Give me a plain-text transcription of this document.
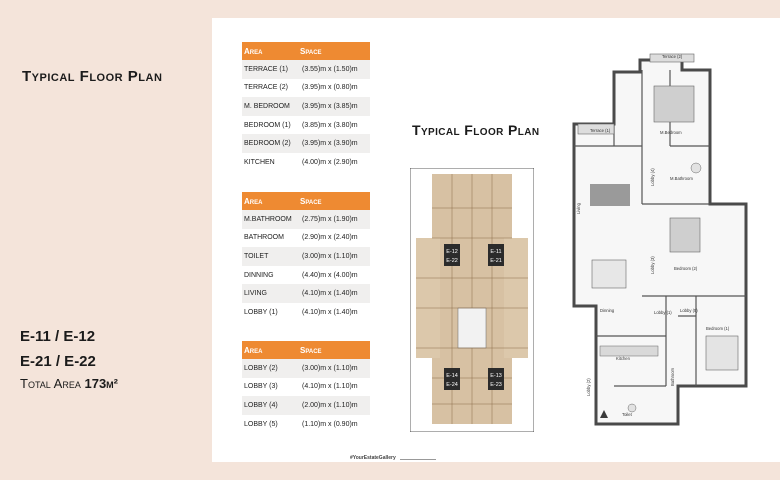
Typical Floor Plan
E-11 / E-12
E-21 / E-22
Total Area 173m²
Area	Space
TERRACE (1)	(3.55)m x (1.50)m
TERRACE (2)	(3.95)m x (0.80)m
M. BEDROOM	(3.95)m x (3.85)m
BEDROOM (1)	(3.85)m x (3.80)m
BEDROOM (2)	(3.95)m x (3.90)m
KITCHEN	(4.00)m x (2.90)m
Area	Space
M.BATHROOM	(2.75)m x (1.90)m
BATHROOM	(2.90)m x (2.40)m
TOILET	(3.00)m x (1.10)m
DINNING	(4.40)m x (4.00)m
LIVING	(4.10)m x (1.40)m
LOBBY (1)	(4.10)m x (1.40)m
Area	Space
LOBBY (2)	(3.00)m x (1.10)m
LOBBY (3)	(4.10)m x (1.10)m
LOBBY (4)	(2.00)m x (1.10)m
LOBBY (5)	(1.10)m x (0.90)m
Typical Floor Plan
#YourEstateGallery
E-12
E-22
E-11
E-21
E-14
E-24
E-13
E-23
Terrace (2)
Terrace (1)	M.Bedroom
M.Bathroom
Lobby (4)
Living
Lobby (3)	Bedroom (2)
Dinning	Lobby (1) Lobby (5)
Bedroom (1)
Kitchen
Lobby (2)
Bathroom
Toilet
